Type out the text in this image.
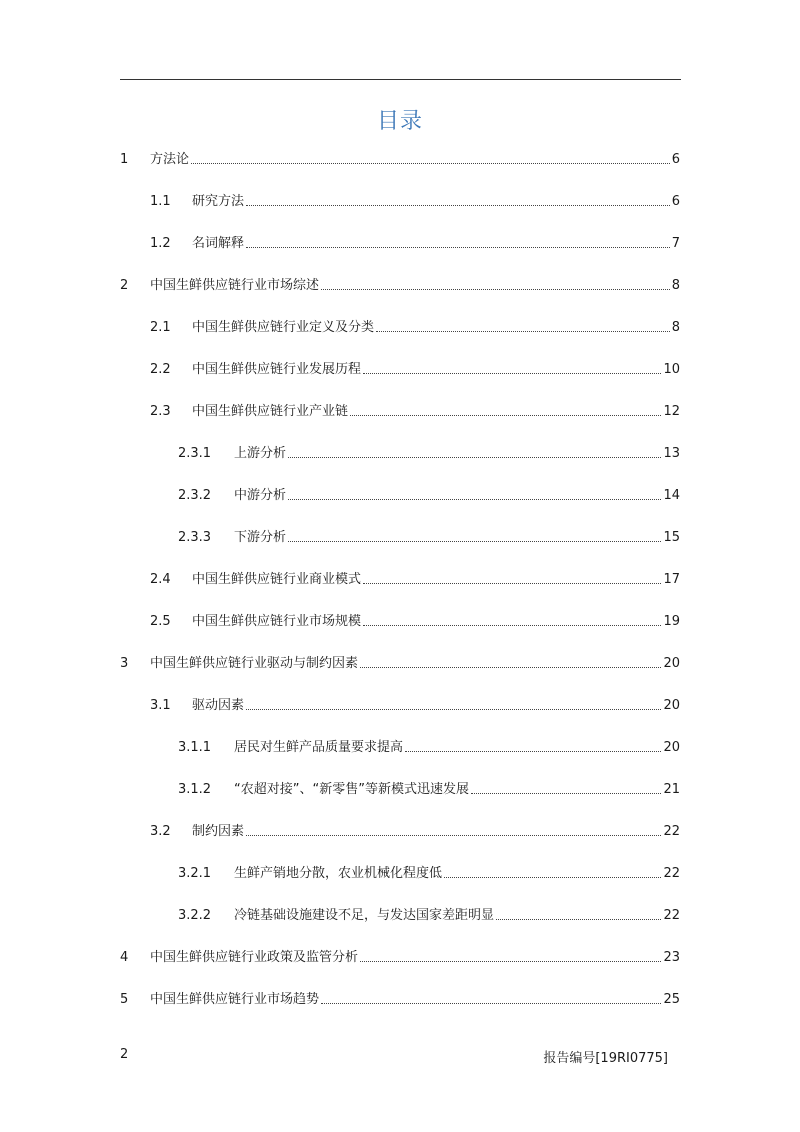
目录
1	方法论	6
1.1	研究方法	6
1.2	名词解释	7
2	中国生鲜供应链行业市场综述	8
2.1	中国生鲜供应链行业定义及分类	8
2.2	中国生鲜供应链行业发展历程	10
2.3	中国生鲜供应链行业产业链	12
2.3.1	上游分析	13
2.3.2	中游分析	14
2.3.3	下游分析	15
2.4	中国生鲜供应链行业商业模式	17
2.5	中国生鲜供应链行业市场规模	19
3	中国生鲜供应链行业驱动与制约因素	20
3.1	驱动因素	20
3.1.1	居民对生鲜产品质量要求提高	20
3.1.2	“农超对接”、“新零售”等新模式迅速发展	21
3.2	制约因素	22
3.2.1	生鲜产销地分散，农业机械化程度低	22
3.2.2	冷链基础设施建设不足，与发达国家差距明显	22
4	中国生鲜供应链行业政策及监管分析	23
5	中国生鲜供应链行业市场趋势	25
2	报告编号[19RI0775]
